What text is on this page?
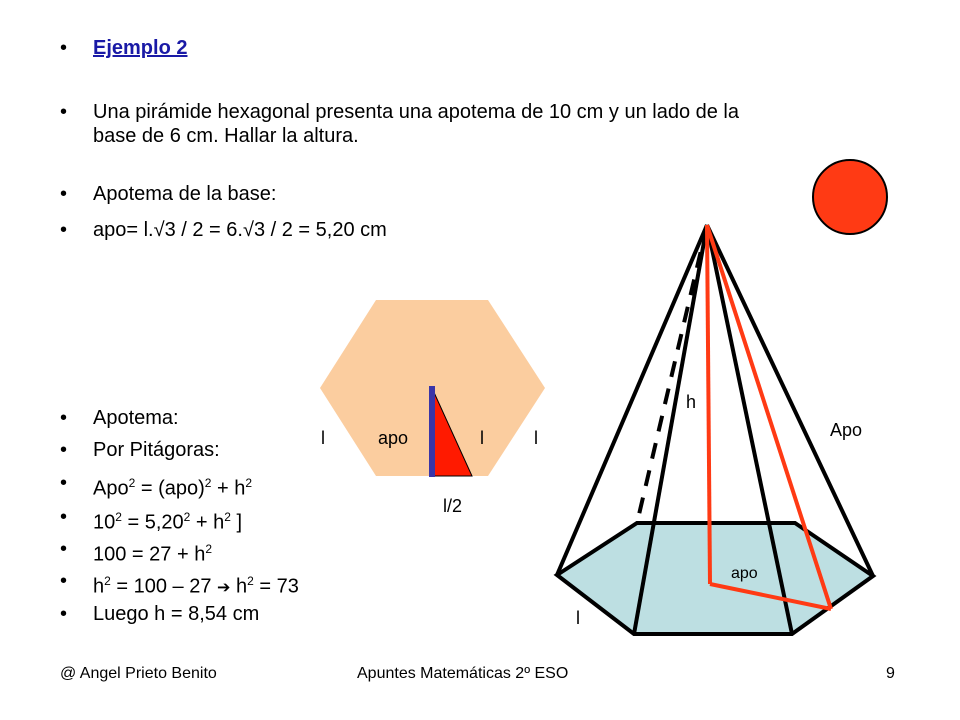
• Ejemplo 2
• Una pirámide hexagonal presenta una apotema de 10 cm y un lado de la base de 6 cm. Hallar la altura.
• Apotema de la base:
• apo= l.√3 / 2 = 6.√3 / 2 = 5,20 cm
• Apotema:
• Por Pitágoras:
• $Apo^2 = (apo)^2 + h^2$
• $10^2 = 5,20^2 + h^2$ ]
• $100 = 27 + h^2$
• $h^2 = 100 - 27$ ➔ $h^2 = 73$
• Luego h = 8,54 cm
l	apo	l	l
l/2
h
Apo
apo
l
@ Angel Prieto Benito	Apuntes Matemáticas 2º ESO	9
